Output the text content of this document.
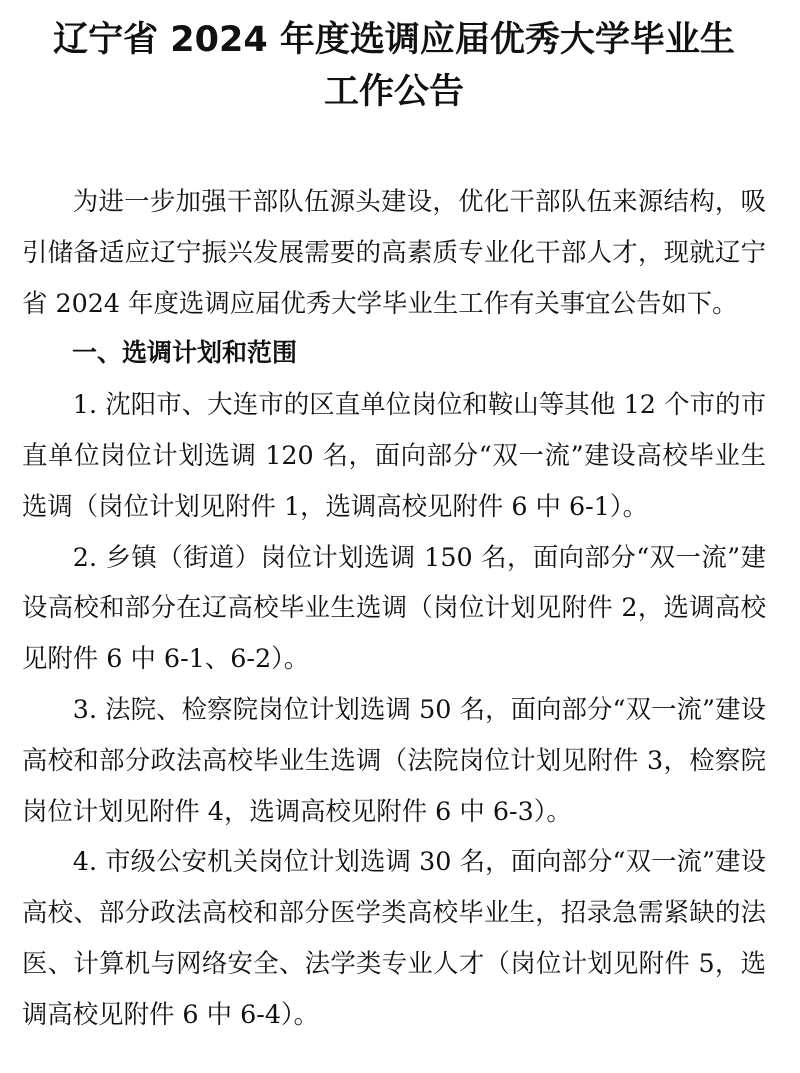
辽宁省 2024 年度选调应届优秀大学毕业生
工作公告

为进一步加强干部队伍源头建设，优化干部队伍来源结构，吸引储备适应辽宁振兴发展需要的高素质专业化干部人才，现就辽宁省 2024 年度选调应届优秀大学毕业生工作有关事宜公告如下。

一、选调计划和范围

1. 沈阳市、大连市的区直单位岗位和鞍山等其他 12 个市的市直单位岗位计划选调 120 名，面向部分“双一流”建设高校毕业生选调（岗位计划见附件 1，选调高校见附件 6 中 6-1）。

2. 乡镇（街道）岗位计划选调 150 名，面向部分“双一流”建设高校和部分在辽高校毕业生选调（岗位计划见附件 2，选调高校见附件 6 中 6-1、6-2）。

3. 法院、检察院岗位计划选调 50 名，面向部分“双一流”建设高校和部分政法高校毕业生选调（法院岗位计划见附件 3，检察院岗位计划见附件 4，选调高校见附件 6 中 6-3）。

4. 市级公安机关岗位计划选调 30 名，面向部分“双一流”建设高校、部分政法高校和部分医学类高校毕业生，招录急需紧缺的法医、计算机与网络安全、法学类专业人才（岗位计划见附件 5，选调高校见附件 6 中 6-4）。
